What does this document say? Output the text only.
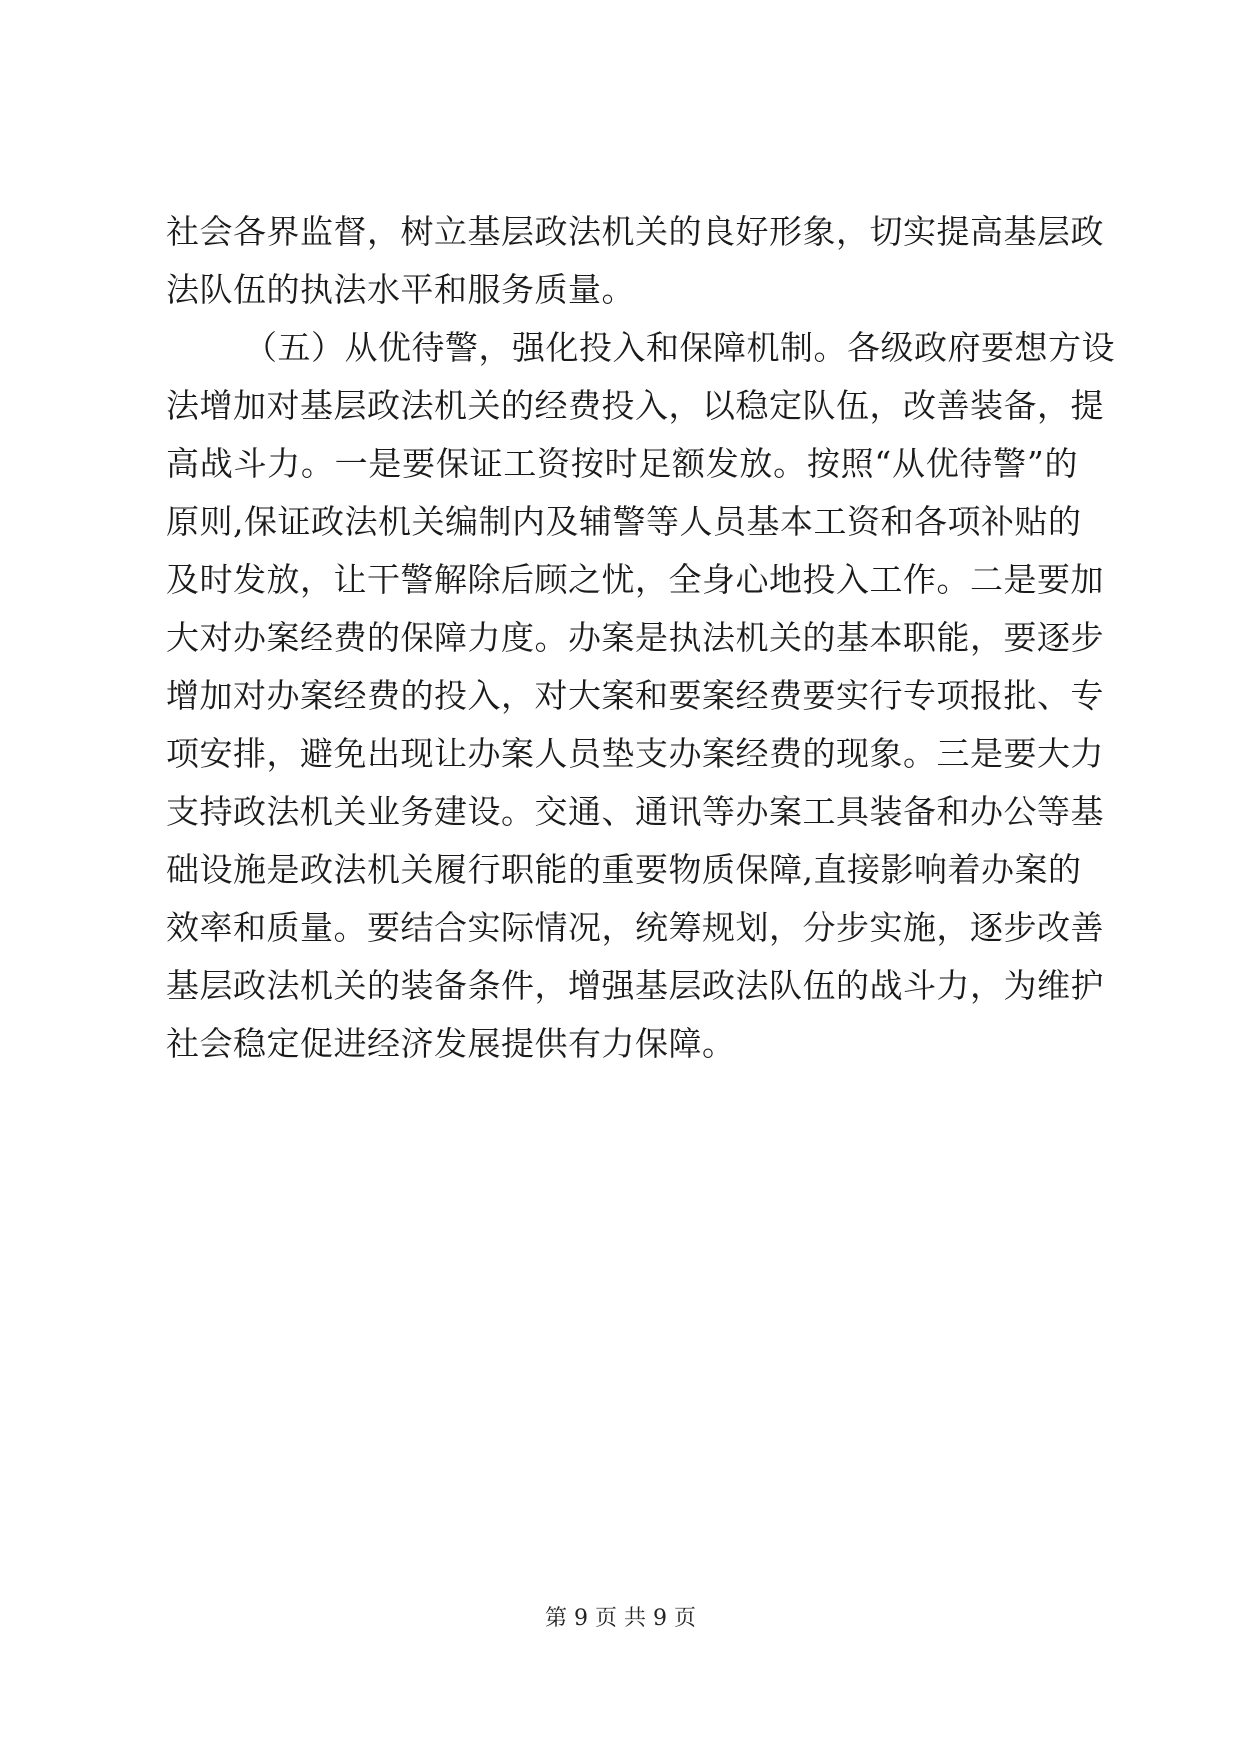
社会各界监督，树立基层政法机关的良好形象，切实提高基层政
法队伍的执法水平和服务质量。
（五）从优待警，强化投入和保障机制。各级政府要想方设
法增加对基层政法机关的经费投入，以稳定队伍，改善装备，提
高战斗力。一是要保证工资按时足额发放。按照“从优待警”的
原则,保证政法机关编制内及辅警等人员基本工资和各项补贴的
及时发放，让干警解除后顾之忧，全身心地投入工作。二是要加
大对办案经费的保障力度。办案是执法机关的基本职能，要逐步
增加对办案经费的投入，对大案和要案经费要实行专项报批、专
项安排，避免出现让办案人员垫支办案经费的现象。三是要大力
支持政法机关业务建设。交通、通讯等办案工具装备和办公等基
础设施是政法机关履行职能的重要物质保障,直接影响着办案的
效率和质量。要结合实际情况，统筹规划，分步实施，逐步改善
基层政法机关的装备条件，增强基层政法队伍的战斗力，为维护
社会稳定促进经济发展提供有力保障。
第 9 页 共 9 页
